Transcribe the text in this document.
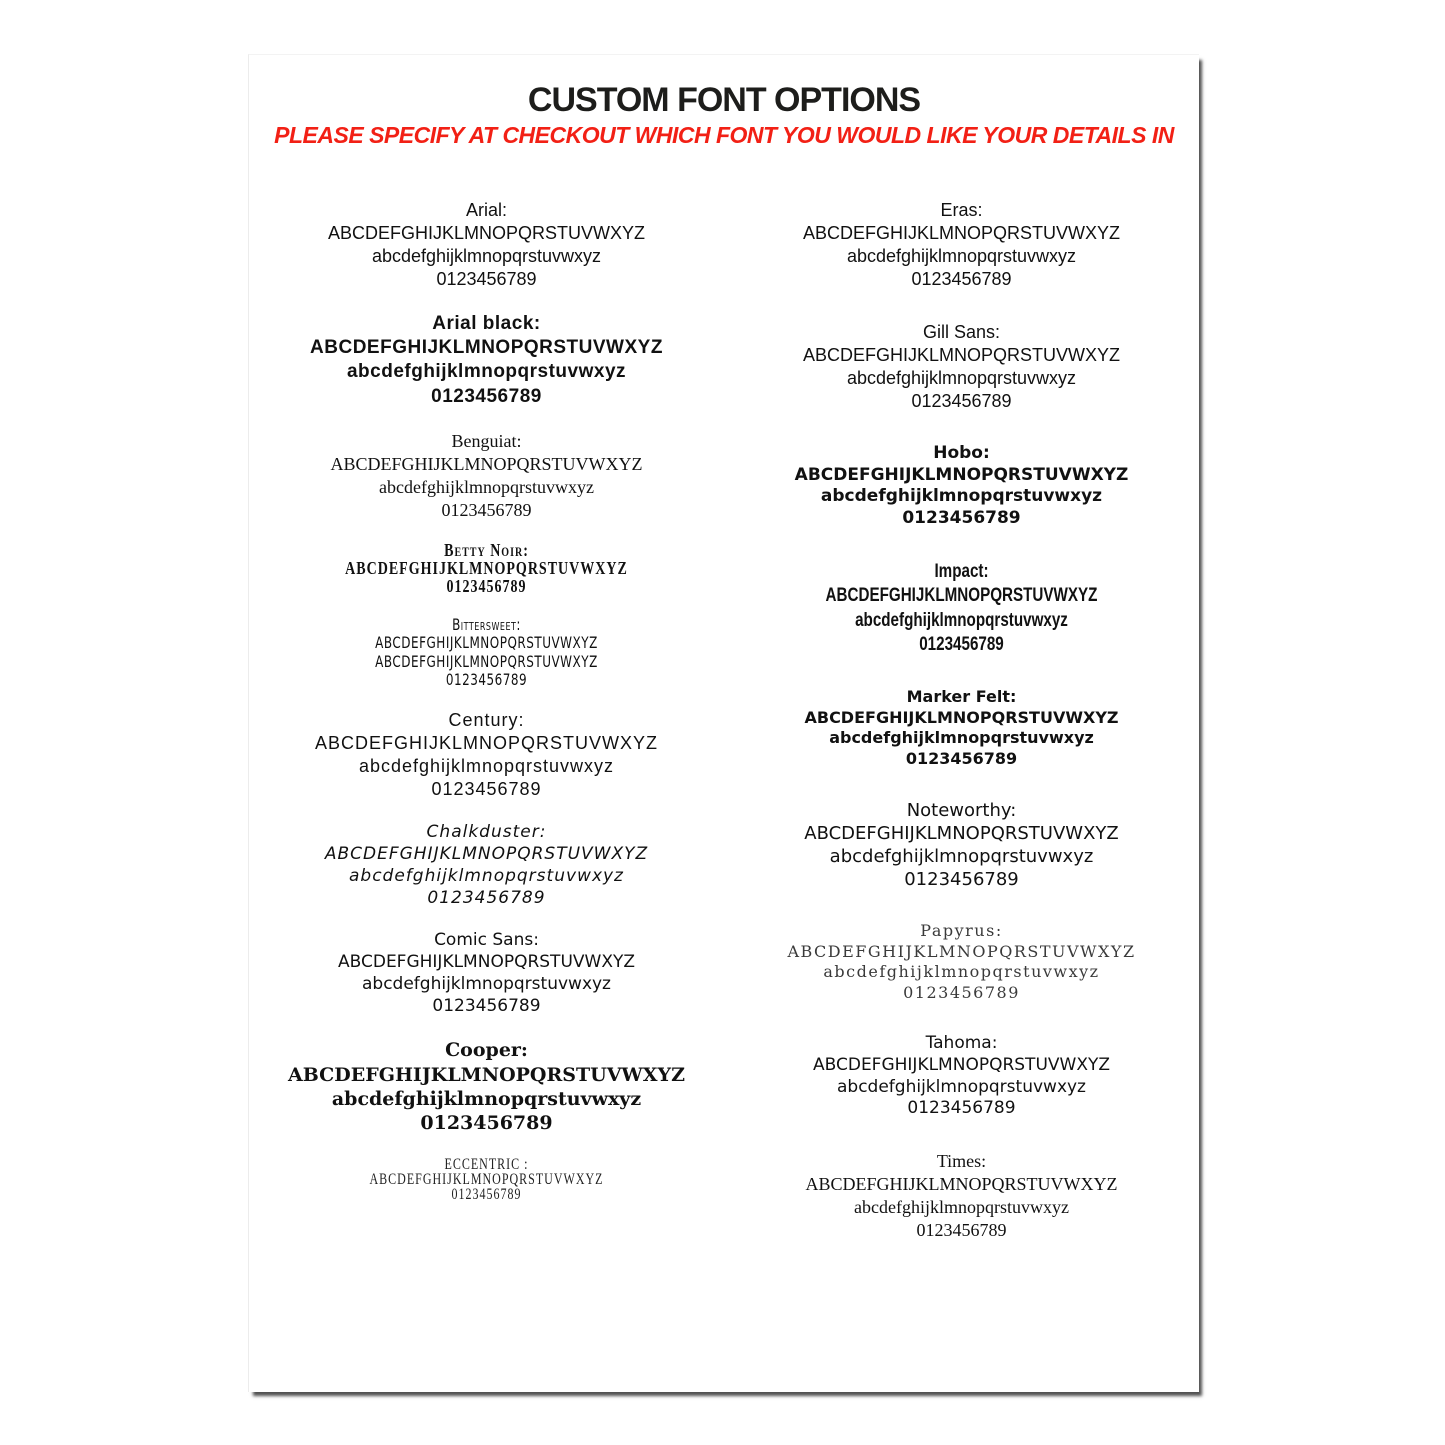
CUSTOM FONT OPTIONS
PLEASE SPECIFY AT CHECKOUT WHICH FONT YOU WOULD LIKE YOUR DETAILS IN
Arial:
ABCDEFGHIJKLMNOPQRSTUVWXYZ
abcdefghijklmnopqrstuvwxyz
0123456789
Arial black:
ABCDEFGHIJKLMNOPQRSTUVWXYZ
abcdefghijklmnopqrstuvwxyz
0123456789
Benguiat:
ABCDEFGHIJKLMNOPQRSTUVWXYZ
abcdefghijklmnopqrstuvwxyz
0123456789
Betty Noir:
ABCDEFGHIJKLMNOPQRSTUVWXYZ
0123456789
Bittersweet:
ABCDEFGHIJKLMNOPQRSTUVWXYZ
ABCDEFGHIJKLMNOPQRSTUVWXYZ
0123456789
Century:
ABCDEFGHIJKLMNOPQRSTUVWXYZ
abcdefghijklmnopqrstuvwxyz
0123456789
Chalkduster:
ABCDEFGHIJKLMNOPQRSTUVWXYZ
abcdefghijklmnopqrstuvwxyz
0123456789
Comic Sans:
ABCDEFGHIJKLMNOPQRSTUVWXYZ
abcdefghijklmnopqrstuvwxyz
0123456789
Cooper:
ABCDEFGHIJKLMNOPQRSTUVWXYZ
abcdefghijklmnopqrstuvwxyz
0123456789
ECCENTRIC :
ABCDEFGHIJKLMNOPQRSTUVWXYZ
0123456789
Eras:
ABCDEFGHIJKLMNOPQRSTUVWXYZ
abcdefghijklmnopqrstuvwxyz
0123456789
Gill Sans:
ABCDEFGHIJKLMNOPQRSTUVWXYZ
abcdefghijklmnopqrstuvwxyz
0123456789
Hobo:
ABCDEFGHIJKLMNOPQRSTUVWXYZ
abcdefghijklmnopqrstuvwxyz
0123456789
Impact:
ABCDEFGHIJKLMNOPQRSTUVWXYZ
abcdefghijklmnopqrstuvwxyz
0123456789
Marker Felt:
ABCDEFGHIJKLMNOPQRSTUVWXYZ
abcdefghijklmnopqrstuvwxyz
0123456789
Noteworthy:
ABCDEFGHIJKLMNOPQRSTUVWXYZ
abcdefghijklmnopqrstuvwxyz
0123456789
Papyrus:
ABCDEFGHIJKLMNOPQRSTUVWXYZ
abcdefghijklmnopqrstuvwxyz
0123456789
Tahoma:
ABCDEFGHIJKLMNOPQRSTUVWXYZ
abcdefghijklmnopqrstuvwxyz
0123456789
Times:
ABCDEFGHIJKLMNOPQRSTUVWXYZ
abcdefghijklmnopqrstuvwxyz
0123456789
